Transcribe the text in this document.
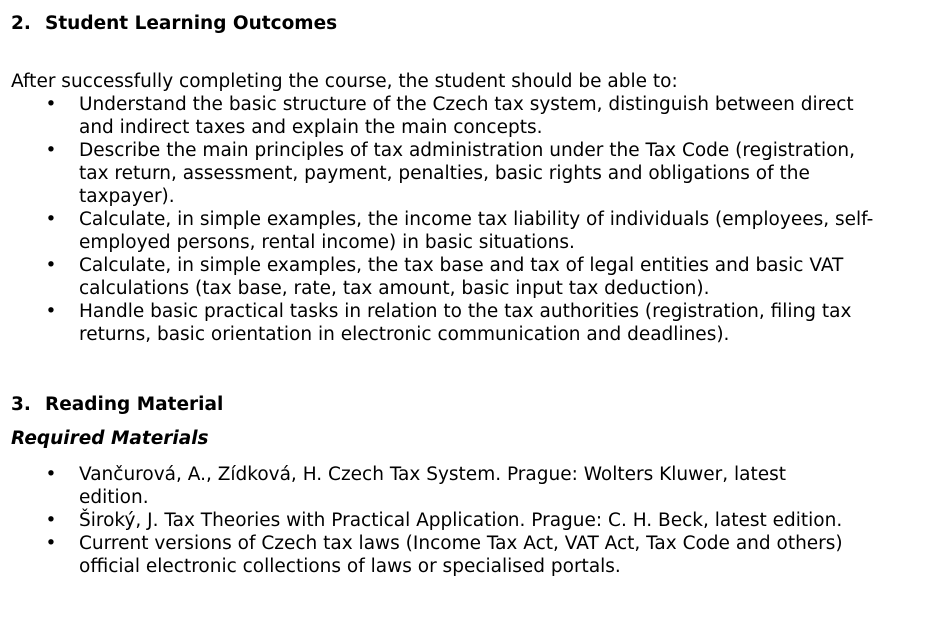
2. Student Learning Outcomes

After successfully completing the course, the student should be able to:

• Understand the basic structure of the Czech tax system, distinguish between direct
and indirect taxes and explain the main concepts.
• Describe the main principles of tax administration under the Tax Code (registration,
tax return, assessment, payment, penalties, basic rights and obligations of the
taxpayer).
• Calculate, in simple examples, the income tax liability of individuals (employees, self-
employed persons, rental income) in basic situations.
• Calculate, in simple examples, the tax base and tax of legal entities and basic VAT
calculations (tax base, rate, tax amount, basic input tax deduction).
• Handle basic practical tasks in relation to the tax authorities (registration, filing tax
returns, basic orientation in electronic communication and deadlines).
3. Reading Material
Required Materials
• Vančurová, A., Zídková, H. Czech Tax System. Prague: Wolters Kluwer, latest
edition.
• Široký, J. Tax Theories with Practical Application. Prague: C. H. Beck, latest edition.
• Current versions of Czech tax laws (Income Tax Act, VAT Act, Tax Code and others)
official electronic collections of laws or specialised portals.
